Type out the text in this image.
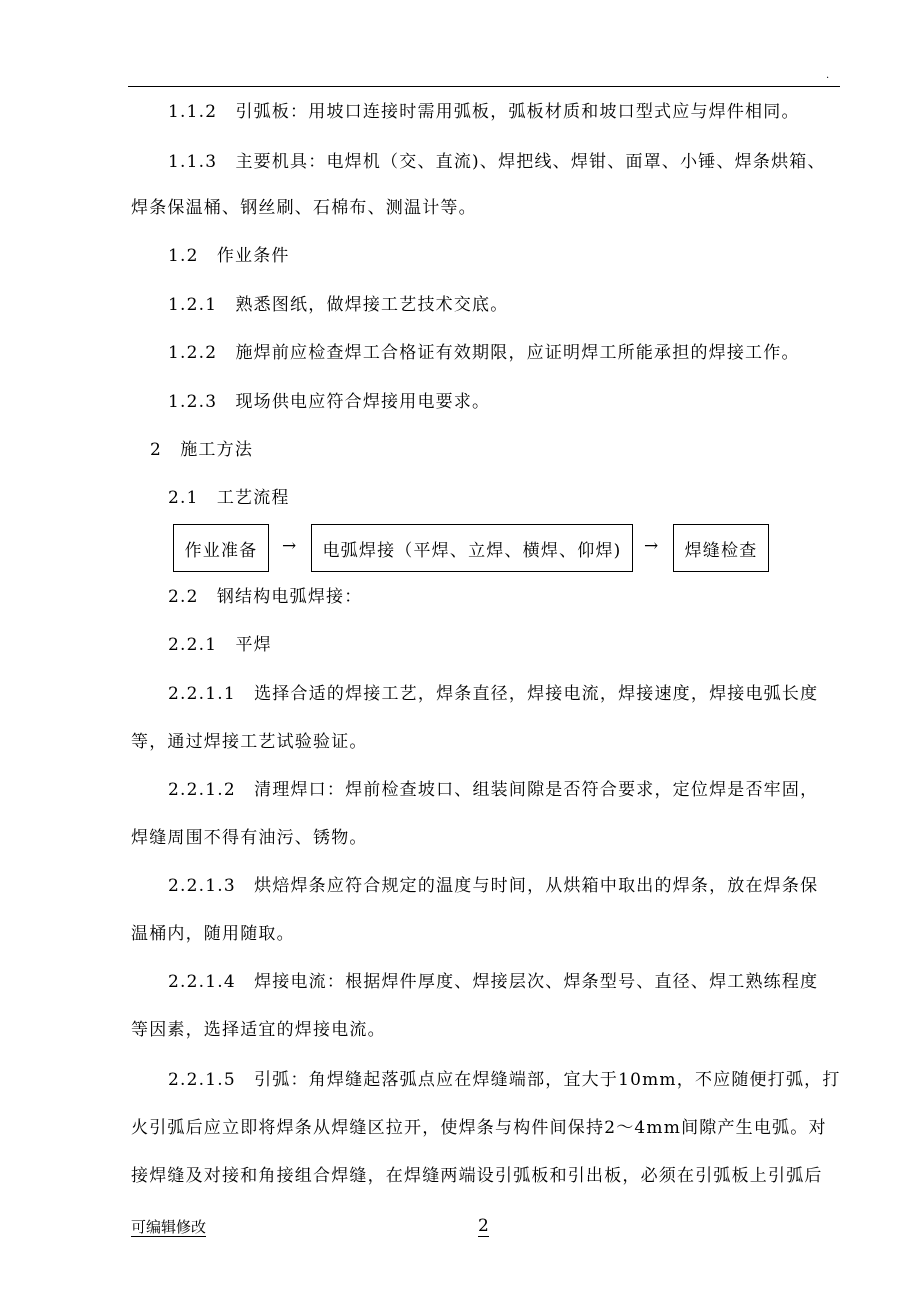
.
1.1.2　引弧板：用坡口连接时需用弧板，弧板材质和坡口型式应与焊件相同。
1.1.3　主要机具：电焊机（交、直流)、焊把线、焊钳、面罩、小锤、焊条烘箱、
焊条保温桶、钢丝刷、石棉布、测温计等。
1.2　作业条件
1.2.1　熟悉图纸，做焊接工艺技术交底。
1.2.2　施焊前应检查焊工合格证有效期限，应证明焊工所能承担的焊接工作。
1.2.3　现场供电应符合焊接用电要求。
2　施工方法
2.1　工艺流程
作业准备	→	电弧焊接（平焊、立焊、横焊、仰焊)	→	焊缝检查
2.2　钢结构电弧焊接：
2.2.1　平焊
2.2.1.1　选择合适的焊接工艺，焊条直径，焊接电流，焊接速度，焊接电弧长度
等，通过焊接工艺试验验证。
2.2.1.2　清理焊口：焊前检查坡口、组装间隙是否符合要求，定位焊是否牢固，
焊缝周围不得有油污、锈物。
2.2.1.3　烘焙焊条应符合规定的温度与时间，从烘箱中取出的焊条，放在焊条保
温桶内，随用随取。
2.2.1.4　焊接电流：根据焊件厚度、焊接层次、焊条型号、直径、焊工熟练程度
等因素，选择适宜的焊接电流。
2.2.1.5　引弧：角焊缝起落弧点应在焊缝端部，宜大于10mm，不应随便打弧，打
火引弧后应立即将焊条从焊缝区拉开，使焊条与构件间保持2～4mm间隙产生电弧。对
接焊缝及对接和角接组合焊缝，在焊缝两端设引弧板和引出板，必须在引弧板上引弧后
可编辑修改	2
